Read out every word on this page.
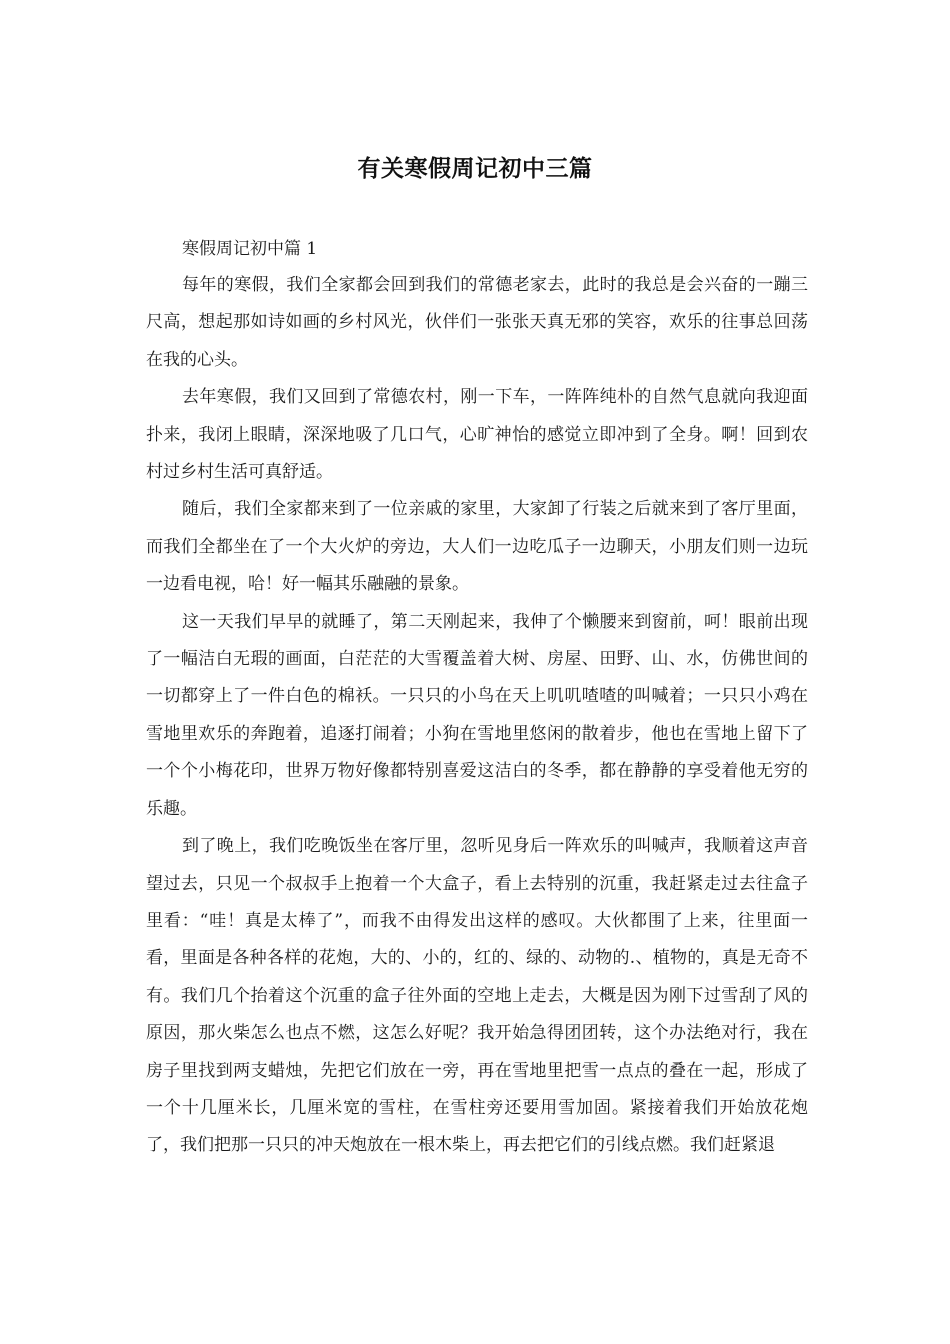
有关寒假周记初中三篇

寒假周记初中篇 1

每年的寒假，我们全家都会回到我们的常德老家去，此时的我总是会兴奋的一蹦三尺高，想起那如诗如画的乡村风光，伙伴们一张张天真无邪的笑容，欢乐的往事总回荡在我的心头。

去年寒假，我们又回到了常德农村，刚一下车，一阵阵纯朴的自然气息就向我迎面扑来，我闭上眼睛，深深地吸了几口气，心旷神怡的感觉立即冲到了全身。啊！回到农村过乡村生活可真舒适。

随后，我们全家都来到了一位亲戚的家里，大家卸了行装之后就来到了客厅里面，而我们全都坐在了一个大火炉的旁边，大人们一边吃瓜子一边聊天，小朋友们则一边玩一边看电视，哈！好一幅其乐融融的景象。

这一天我们早早的就睡了，第二天刚起来，我伸了个懒腰来到窗前，呵！眼前出现了一幅洁白无瑕的画面，白茫茫的大雪覆盖着大树、房屋、田野、山、水，仿佛世间的一切都穿上了一件白色的棉袄。一只只的小鸟在天上叽叽喳喳的叫喊着；一只只小鸡在雪地里欢乐的奔跑着，追逐打闹着；小狗在雪地里悠闲的散着步，他也在雪地上留下了一个个小梅花印，世界万物好像都特别喜爱这洁白的冬季，都在静静的享受着他无穷的乐趣。

到了晚上，我们吃晚饭坐在客厅里，忽听见身后一阵欢乐的叫喊声，我顺着这声音望过去，只见一个叔叔手上抱着一个大盒子，看上去特别的沉重，我赶紧走过去往盒子里看：“哇！真是太棒了”，而我不由得发出这样的感叹。大伙都围了上来，往里面一看，里面是各种各样的花炮，大的、小的，红的、绿的、动物的.、植物的，真是无奇不有。我们几个抬着这个沉重的盒子往外面的空地上走去，大概是因为刚下过雪刮了风的原因，那火柴怎么也点不燃，这怎么好呢？我开始急得团团转，这个办法绝对行，我在房子里找到两支蜡烛，先把它们放在一旁，再在雪地里把雪一点点的叠在一起，形成了一个十几厘米长，几厘米宽的雪柱，在雪柱旁还要用雪加固。紧接着我们开始放花炮了，我们把那一只只的冲天炮放在一根木柴上，再去把它们的引线点燃。我们赶紧退
